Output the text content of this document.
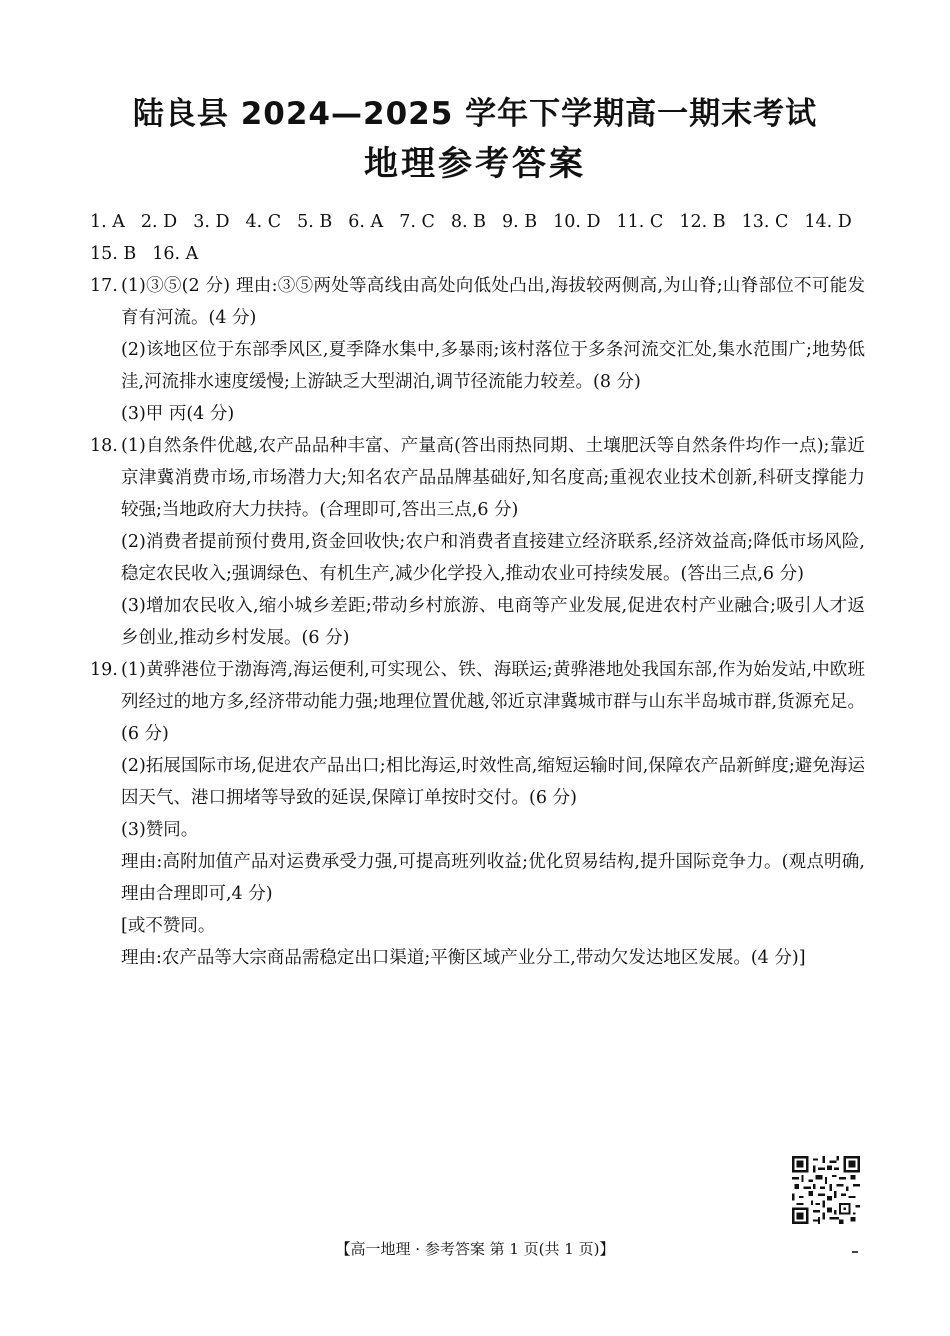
陆良县 2024—2025 学年下学期高一期末考试
地理参考答案
1. A 2. D 3. D 4. C 5. B 6. A 7. C 8. B 9. B 10. D 11. C 12. B 13. C 14. D
15. B 16. A
17. (1)③⑤(2 分) 理由:③⑤两处等高线由高处向低处凸出,海拔较两侧高,为山脊;山脊部位不可能发育有河流。(4 分)

(2)该地区位于东部季风区,夏季降水集中,多暴雨;该村落位于多条河流交汇处,集水范围广;地势低洼,河流排水速度缓慢;上游缺乏大型湖泊,调节径流能力较差。(8 分)

(3)甲 丙(4 分)

18. (1)自然条件优越,农产品品种丰富、产量高(答出雨热同期、土壤肥沃等自然条件均作一点);靠近京津冀消费市场,市场潜力大;知名农产品品牌基础好,知名度高;重视农业技术创新,科研支撑能力较强;当地政府大力扶持。(合理即可,答出三点,6 分)

(2)消费者提前预付费用,资金回收快;农户和消费者直接建立经济联系,经济效益高;降低市场风险,稳定农民收入;强调绿色、有机生产,减少化学投入,推动农业可持续发展。(答出三点,6 分)

(3)增加农民收入,缩小城乡差距;带动乡村旅游、电商等产业发展,促进农村产业融合;吸引人才返乡创业,推动乡村发展。(6 分)

19. (1)黄骅港位于渤海湾,海运便利,可实现公、铁、海联运;黄骅港地处我国东部,作为始发站,中欧班列经过的地方多,经济带动能力强;地理位置优越,邻近京津冀城市群与山东半岛城市群,货源充足。(6 分)

(2)拓展国际市场,促进农产品出口;相比海运,时效性高,缩短运输时间,保障农产品新鲜度;避免海运因天气、港口拥堵等导致的延误,保障订单按时交付。(6 分)

(3)赞同。

理由:高附加值产品对运费承受力强,可提高班列收益;优化贸易结构,提升国际竞争力。(观点明确,理由合理即可,4 分)

[或不赞同。

理由:农产品等大宗商品需稳定出口渠道;平衡区域产业分工,带动欠发达地区发展。(4 分)]

【高一地理 · 参考答案 第 1 页(共 1 页)】
